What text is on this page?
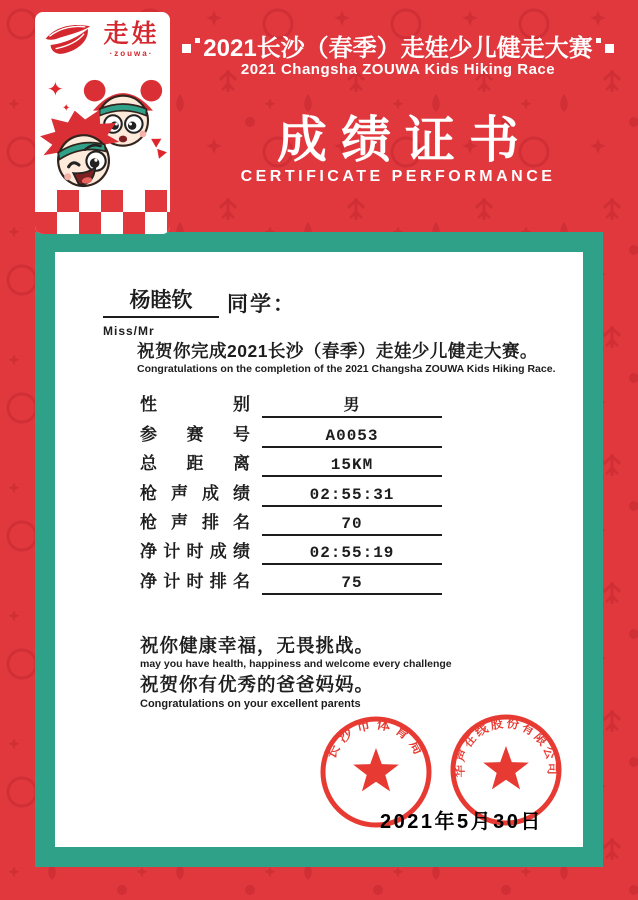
走娃
·zouwa·
✦
✦
2021长沙（春季）走娃少儿健走大赛
2021 Changsha ZOUWA Kids Hiking Race
成绩证书
CERTIFICATE PERFORMANCE
杨睦钦	同学：
Miss/Mr
祝贺你完成2021长沙（春季）走娃少儿健走大赛。
Congratulations on the completion of the 2021 Changsha ZOUWA Kids Hiking Race.
性 别	男
参 赛 号	A0053
总 距 离	15KM
枪 声 成 绩	02:55:31
枪 声 排 名	70
净 计 时 成 绩	02:55:19
净 计 时 排 名	75
祝你健康幸福，无畏挑战。
may you have health, happiness and welcome every challenge
祝贺你有优秀的爸爸妈妈。
Congratulations on your excellent parents
长沙市体育局
华声在线股份有限公司
2021年5月30日
